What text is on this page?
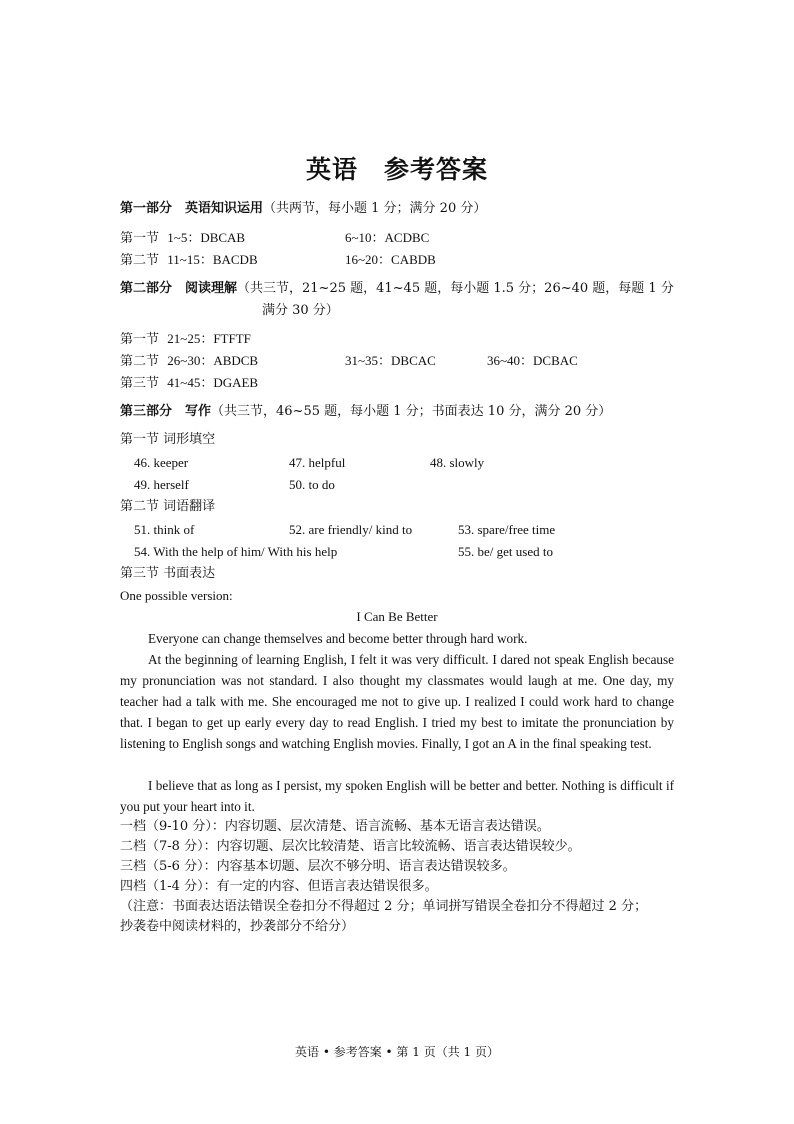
英语　参考答案
第一部分　英语知识运用（共两节，每小题 1 分；满分 20 分）
第一节 1~5：DBCAB	6~10：ACDBC
第二节 11~15：BACDB	16~20：CABDB
第二部分　阅读理解（共三节，21~25 题，41~45 题，每小题 1.5 分；26~40 题，每题 1 分
满分 30 分）
第一节 21~25：FTFTF
第二节 26~30：ABDCB	31~35：DBCAC	36~40：DCBAC
第三节 41~45：DGAEB
第三部分　写作（共三节，46~55 题，每小题 1 分；书面表达 10 分，满分 20 分）
第一节 词形填空
46. keeper	47. helpful	48. slowly
49. herself	50. to do
第二节 词语翻译
51. think of	52. are friendly/ kind to	53. spare/free time
54. With the help of him/ With his help	55. be/ get used to
第三节 书面表达
One possible version:
I Can Be Better
Everyone can change themselves and become better through hard work.
At the beginning of learning English, I felt it was very difficult. I dared not speak English because my pronunciation was not standard. I also thought my classmates would laugh at me. One day, my teacher had a talk with me. She encouraged me not to give up. I realized I could work hard to change that. I began to get up early every day to read English. I tried my best to imitate the pronunciation by listening to English songs and watching English movies. Finally, I got an A in the final speaking test.
I believe that as long as I persist, my spoken English will be better and better. Nothing is difficult if you put your heart into it.
一档（9-10 分）：内容切题、层次清楚、语言流畅、基本无语言表达错误。
二档（7-8 分）：内容切题、层次比较清楚、语言比较流畅、语言表达错误较少。
三档（5-6 分）：内容基本切题、层次不够分明、语言表达错误较多。
四档（1-4 分）：有一定的内容、但语言表达错误很多。
（注意：书面表达语法错误全卷扣分不得超过 2 分；单词拼写错误全卷扣分不得超过 2 分；
抄袭卷中阅读材料的，抄袭部分不给分）
英语 • 参考答案 • 第 1 页（共 1 页）
